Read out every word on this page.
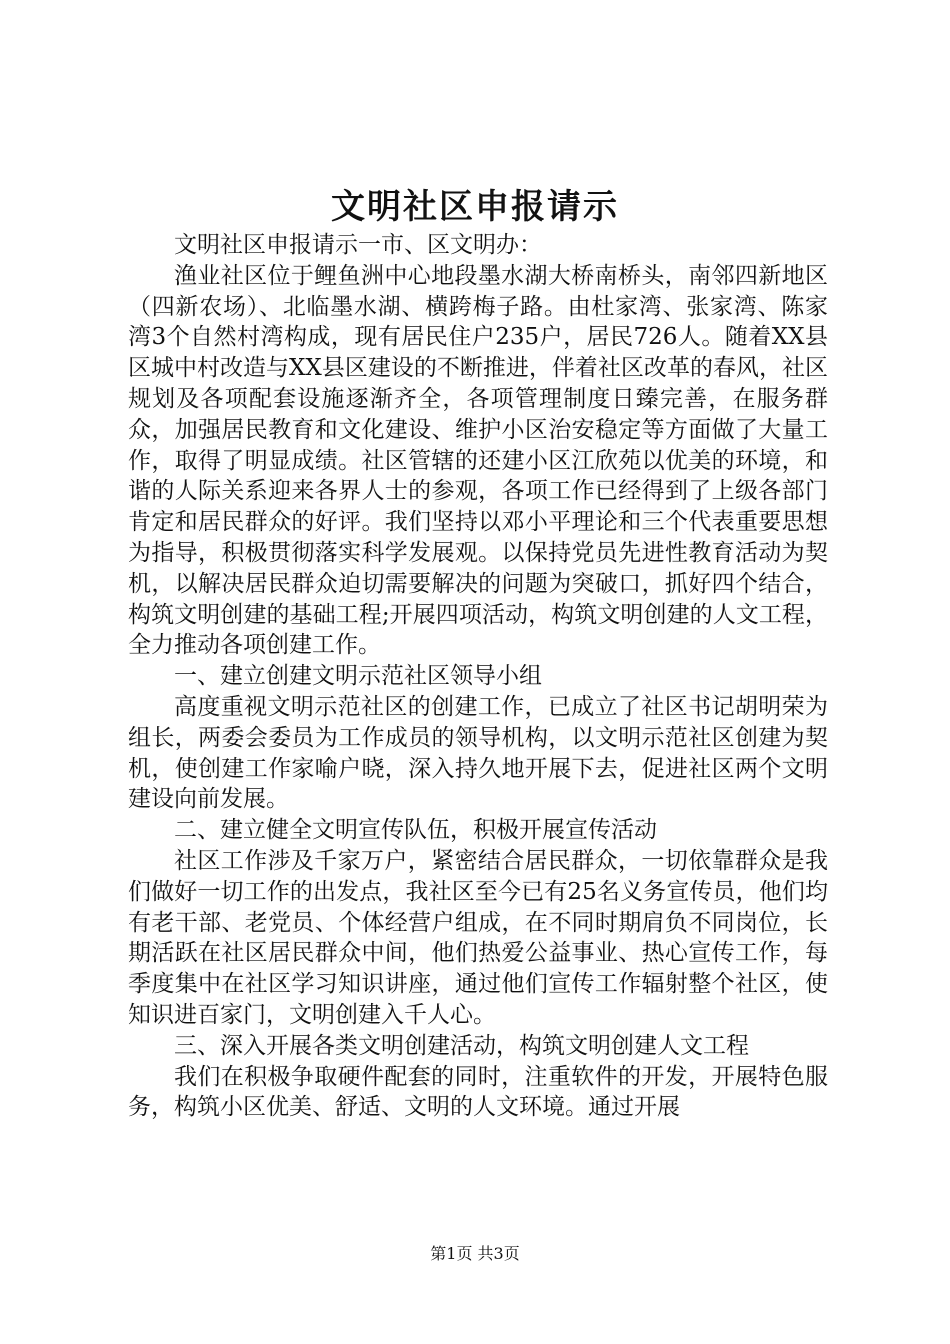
文明社区申报请示

文明社区申报请示一市、区文明办：

渔业社区位于鲤鱼洲中心地段墨水湖大桥南桥头，南邻四新地区（四新农场）、北临墨水湖、横跨梅子路。由杜家湾、张家湾、陈家湾3个自然村湾构成，现有居民住户235户，居民726人。随着XX县区城中村改造与XX县区建设的不断推进，伴着社区改革的春风，社区规划及各项配套设施逐渐齐全，各项管理制度日臻完善，在服务群众，加强居民教育和文化建设、维护小区治安稳定等方面做了大量工作，取得了明显成绩。社区管辖的还建小区江欣苑以优美的环境，和谐的人际关系迎来各界人士的参观，各项工作已经得到了上级各部门肯定和居民群众的好评。我们坚持以邓小平理论和三个代表重要思想为指导，积极贯彻落实科学发展观。以保持党员先进性教育活动为契机，以解决居民群众迫切需要解决的问题为突破口，抓好四个结合，构筑文明创建的基础工程;开展四项活动，构筑文明创建的人文工程，全力推动各项创建工作。

一、建立创建文明示范社区领导小组

高度重视文明示范社区的创建工作，已成立了社区书记胡明荣为组长，两委会委员为工作成员的领导机构，以文明示范社区创建为契机，使创建工作家喻户晓，深入持久地开展下去，促进社区两个文明建设向前发展。

二、建立健全文明宣传队伍，积极开展宣传活动

社区工作涉及千家万户，紧密结合居民群众，一切依靠群众是我们做好一切工作的出发点，我社区至今已有25名义务宣传员，他们均有老干部、老党员、个体经营户组成，在不同时期肩负不同岗位，长期活跃在社区居民群众中间，他们热爱公益事业、热心宣传工作，每季度集中在社区学习知识讲座，通过他们宣传工作辐射整个社区，使知识进百家门，文明创建入千人心。

三、深入开展各类文明创建活动，构筑文明创建人文工程

我们在积极争取硬件配套的同时，注重软件的开发，开展特色服务，构筑小区优美、舒适、文明的人文环境。通过开展

第1页 共3页
